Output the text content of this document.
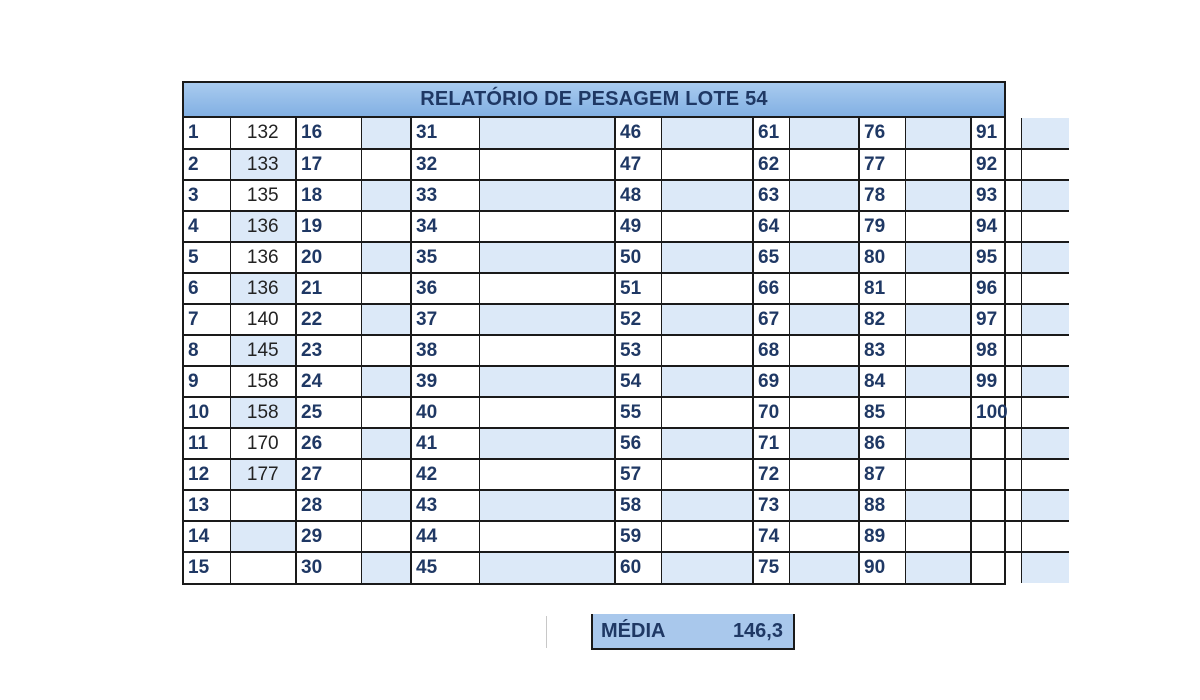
RELATÓRIO DE PESAGEM LOTE 54
1	132	16		31		46		61		76		91	
2	133	17		32		47		62		77		92	
3	135	18		33		48		63		78		93	
4	136	19		34		49		64		79		94	
5	136	20		35		50		65		80		95	
6	136	21		36		51		66		81		96	
7	140	22		37		52		67		82		97	
8	145	23		38		53		68		83		98	
9	158	24		39		54		69		84		99	
10	158	25		40		55		70		85		100	
11	170	26		41		56		71		86			
12	177	27		42		57		72		87			
13		28		43		58		73		88			
14		29		44		59		74		89			
15		30		45		60		75		90			
MÉDIA	146,3
